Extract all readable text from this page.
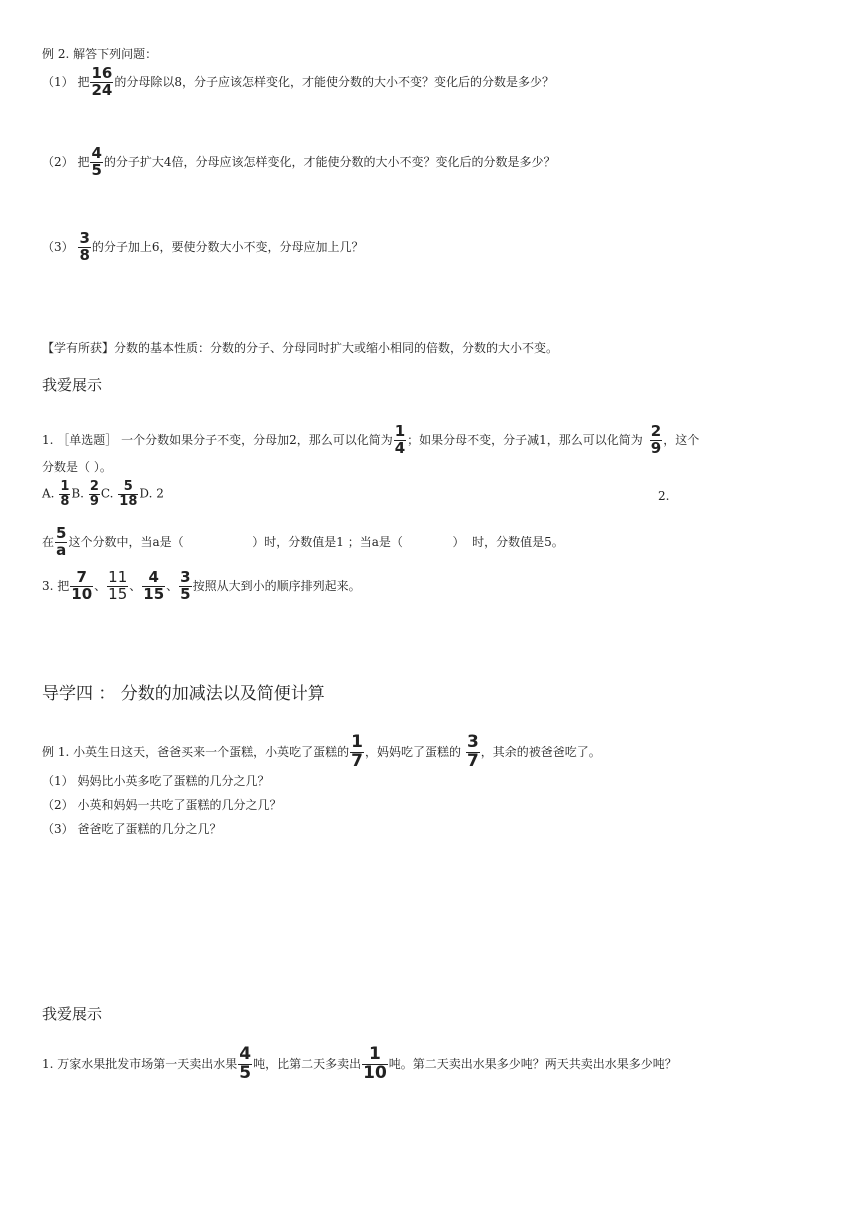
例 2. 解答下列问题：
（1） 把 $\frac{16}{24}$ 的分母除以8，分子应该怎样变化，才能使分数的大小不变？变化后的分数是多少？
（2） 把 $\frac{4}{5}$ 的分子扩大4倍，分母应该怎样变化，才能使分数的大小不变？变化后的分数是多少？
$(3) \frac{3}{8}$ 的分子加上6，要使分数大小不变，分母应加上几？
【学有所获】分数的基本性质：分数的分子、分母同时扩大或缩小相同的倍数，分数的大小不变。
我爱展示
1. ［单选题］ 一个分数如果分子不变，分母加2，那么可以化简为 $\frac{1}{4}$ ；如果分母不变，分子减1，那么可以化简为 $\frac{2}{9}$ ，这个
分数是（ ）。
A. $\frac{1}{8} B$. $\frac{2}{9} C$. $\frac{5}{18} D$. 2	2.
在 $\frac{5}{a}$ 这个分数中，当a是（                  ）时，分数值是1 ；当a是（             ）  时，分数值是5。
3. 把 $\frac{7}{10}$ 、 $\frac{11}{15}$ 、 $\frac{4}{15}$ 、 $\frac{3}{5}$ 按照从大到小的顺序排列起来。
导学四 ： 分数的加减法以及简便计算
例 1. 小英生日这天，爸爸买来一个蛋糕，小英吃了蛋糕的 $\frac{1}{7}$ ，妈妈吃了蛋糕的 $\frac{3}{7}$ ，其余的被爸爸吃了。
（1） 妈妈比小英多吃了蛋糕的几分之几？
（2） 小英和妈妈一共吃了蛋糕的几分之几？
（3） 爸爸吃了蛋糕的几分之几？
我爱展示
1. 万家水果批发市场第一天卖出水果 $\frac{4}{5}$ 吨，比第二天多卖出 $\frac{1}{10}$ 吨。第二天卖出水果多少吨？两天共卖出水果多少吨？
